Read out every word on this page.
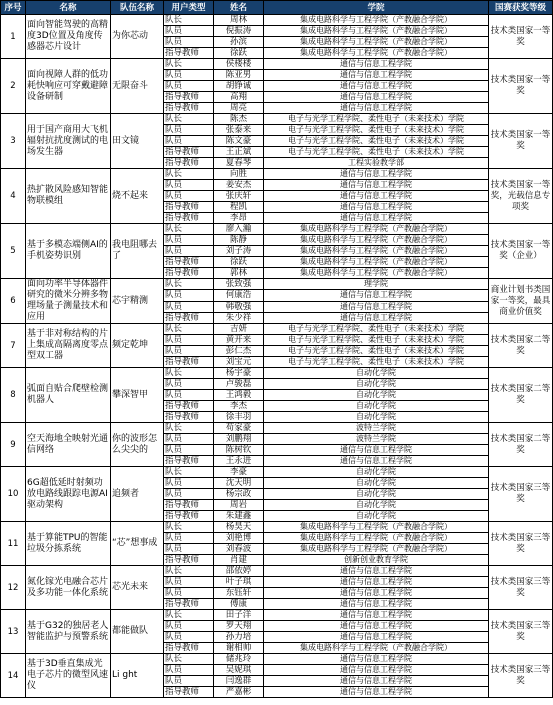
序号	名称	队伍名称	用户类型	姓名	学院	国赛获奖等级
1	面向智能驾驶的高精度3D位置及角度传感器芯片设计	为你芯动	队长	周林	集成电路科学与工程学院（产教融合学院）	技术类国家一等奖
			队员	倪振涛	集成电路科学与工程学院（产教融合学院）	
			队员	孙滨	集成电路科学与工程学院（产教融合学院）	
			指导教师	徐跃	集成电路科学与工程学院（产教融合学院）	
2	面向视障人群的低功耗快响应可穿戴避障设备研制	无限奋斗	队长	侯楼楼	通信与信息工程学院	技术类国家一等奖
			队员	陈亚男	通信与信息工程学院	
			队员	胡铮诚	通信与信息工程学院	
			指导教师	高翔	通信与信息工程学院	
			指导教师	周亮	通信与信息工程学院	
3	用于国产商用大飞机辐射抗扰度测试的电场发生器	田文镜	队长	陈杰	电子与光学工程学院、柔性电子（未来技术）学院	技术类国家一等奖
			队员	张泰来	电子与光学工程学院、柔性电子（未来技术）学院	
			队员	陈文豪	电子与光学工程学院、柔性电子（未来技术）学院	
			指导教师	王正斌	电子与光学工程学院、柔性电子（未来技术）学院	
			指导教师	夏春琴	工程实验教学部	
4	热扩散风险感知智能物联模组	烧不起来	队长	向胜	通信与信息工程学院	技术类国家一等奖，光载信息专项奖
			队员	姜安杰	通信与信息工程学院	
			队员	张庆轩	通信与信息工程学院	
			指导教师	程凯	通信与信息工程学院	
			指导教师	李昂	通信与信息工程学院	
5	基于多模态端侧AI的手机姿势识别	我电阻哪去了	队长	廖入瀚	集成电路科学与工程学院（产教融合学院）	技术类国家一等奖（企业）
			队员	陈静	集成电路科学与工程学院（产教融合学院）	
			队员	刘子涛	集成电路科学与工程学院（产教融合学院）	
			指导教师	徐跃	集成电路科学与工程学院（产教融合学院）	
			指导教师	郭林	集成电路科学与工程学院（产教融合学院）	
6	面向功率半导体器件研究的微米分辨多物理场量子测量技术和应用	芯宇精测	队长	张致强	理学院	商业计划书类国家一等奖，最具商业价值奖
			队员	何康浩	通信与信息工程学院	
			队员	韩敬强	通信与信息工程学院	
			指导教师	朱少祥	通信与信息工程学院	
7	基于非对称结构的片上集成高隔离度零点型双工器	频定乾坤	队长	吉妍	电子与光学工程学院、柔性电子（未来技术）学院	技术类国家二等奖
			队员	黄开来	电子与光学工程学院、柔性电子（未来技术）学院	
			队员	彭仁杰	电子与光学工程学院、柔性电子（未来技术）学院	
			指导教师	刘宝元	电子与光学工程学院、柔性电子（未来技术）学院	
8	弧面自贴合爬壁检测机器人	攀深智甲	队长	杨宇豪	自动化学院	技术类国家二等奖
			队员	卢骏磊	自动化学院	
			队员	王鸿毅	自动化学院	
			指导教师	李杰	自动化学院	
			指导教师	徐丰羽	自动化学院	
9	空天海地全映射光通信网络	你的波形怎么尖尖的	队长	苟家豪	波特兰学院	技术类国家二等奖
			队员	刘鹏翔	波特兰学院	
			队员	陈树钦	通信与信息工程学院	
			指导教师	王永进	通信与信息工程学院	
10	6G超低延时射频功放电路线跟踪电源AI驱动架构	追频者	队长	李豪	自动化学院	技术类国家三等奖
			队员	沈天明	自动化学院	
			队员	杨宗政	自动化学院	
			指导教师	周岩	自动化学院	
			指导教师	朱建鑫	自动化学院	
11	基于算能TPU的智能垃圾分拣系统	“芯”想事成	队长	杨昊天	集成电路科学与工程学院（产教融合学院）	技术类国家三等奖
			队员	刘艳博	集成电路科学与工程学院（产教融合学院）	
			队员	刘春波	集成电路科学与工程学院（产教融合学院）	
			指导教师	肖建	创新创业教育学院	
12	氮化镓光电融合芯片及多功能一体化系统	芯光未来	队长	邵依婷	通信与信息工程学院	技术类国家三等奖
			队员	叶子琪	通信与信息工程学院	
			队员	东钰轩	通信与信息工程学院	
			指导教师	傅康	通信与信息工程学院	
13	基于G32的独居老人智能监护与预警系统	都能做队	队长	田子洋	通信与信息工程学院	技术类国家三等奖
			队员	罗天翔	通信与信息工程学院	
			队员	孙力培	通信与信息工程学院	
			指导教师	谢相帅	集成电路科学与工程学院（产教融合学院）	
14	基于3D垂直集成光电子芯片的微型风速仪	Li ght	队长	储兆玲	通信与信息工程学院	技术类国家三等奖
			队员	吴妮琪	通信与信息工程学院	
			队员	闫逸群	通信与信息工程学院	
			指导教师	严嘉彬	通信与信息工程学院	
